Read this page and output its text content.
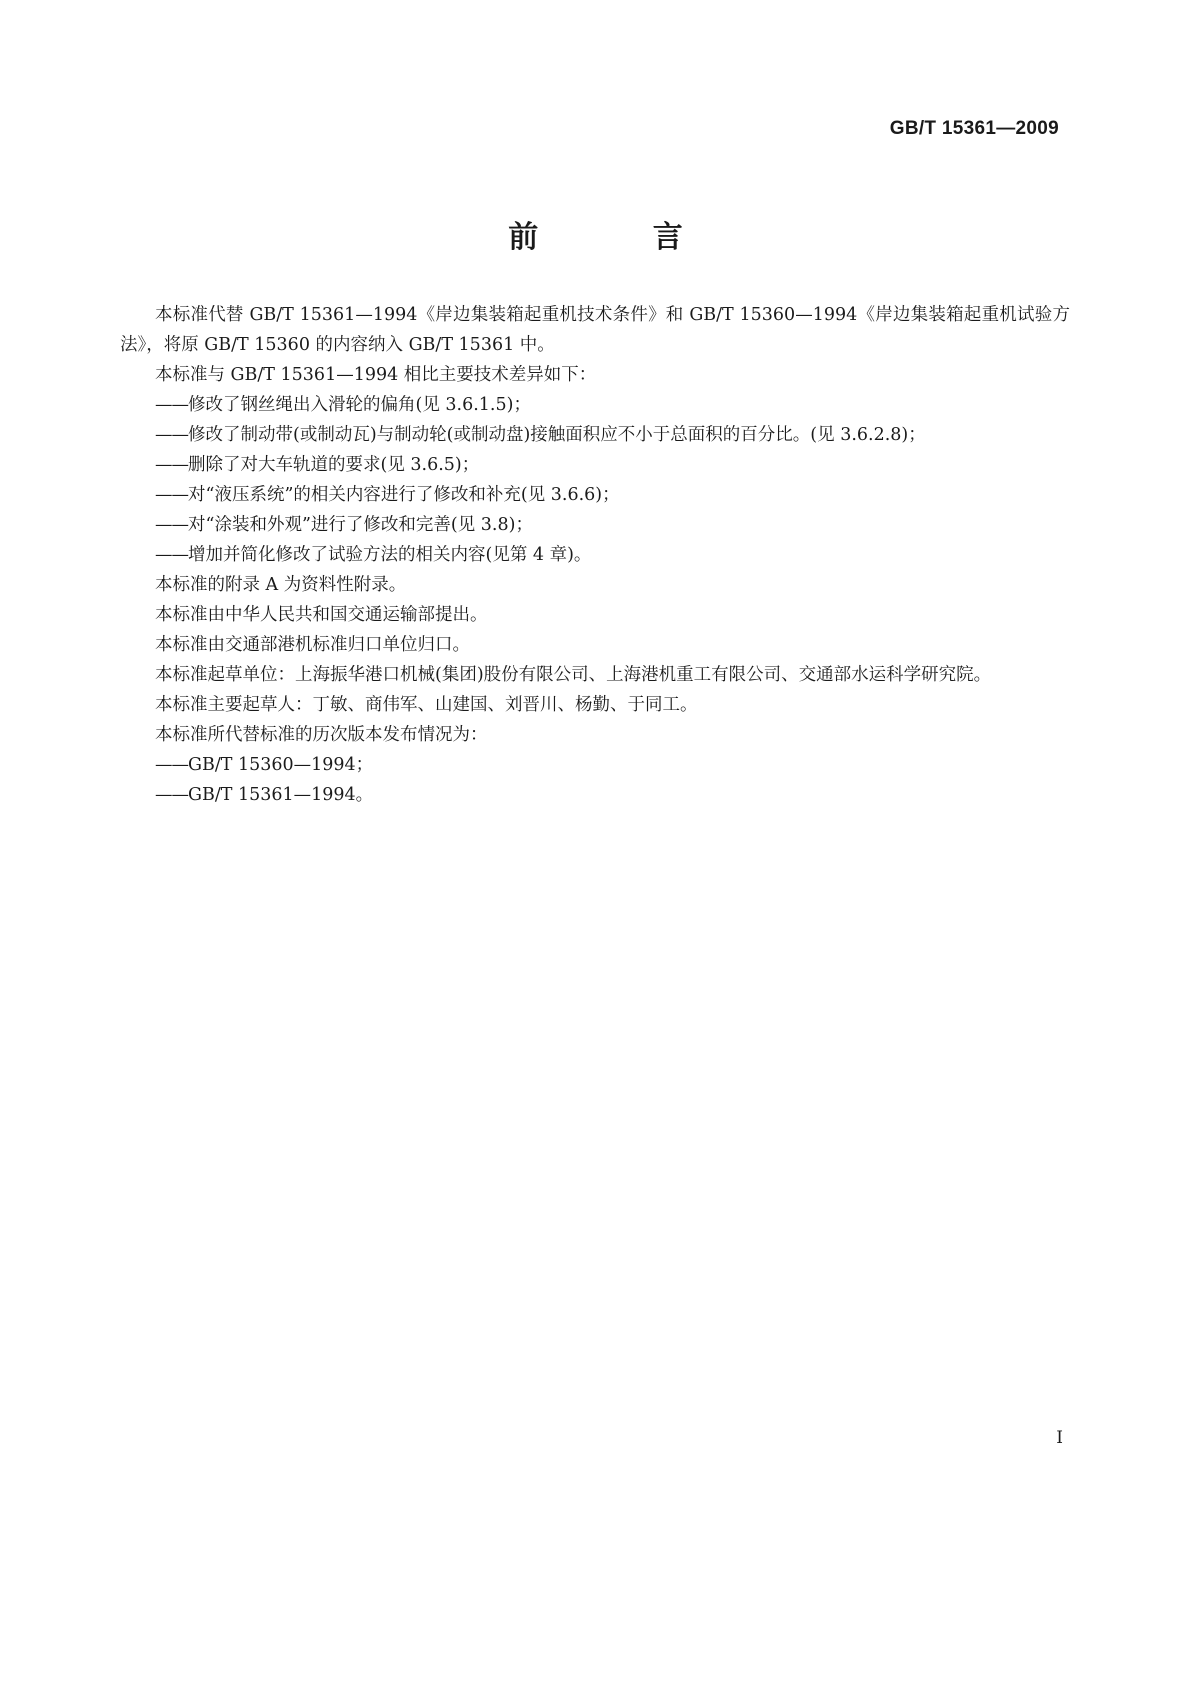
GB/T 15361—2009
前 言

本标准代替 GB/T 15361—1994《岸边集装箱起重机技术条件》和 GB/T 15360—1994《岸边集装箱起重机试验方法》，将原 GB/T 15360 的内容纳入 GB/T 15361 中。

本标准与 GB/T 15361—1994 相比主要技术差异如下：

——修改了钢丝绳出入滑轮的偏角(见 3.6.1.5)；

——修改了制动带(或制动瓦)与制动轮(或制动盘)接触面积应不小于总面积的百分比。(见 3.6.2.8)；

——删除了对大车轨道的要求(见 3.6.5)；

——对“液压系统”的相关内容进行了修改和补充(见 3.6.6)；

——对“涂装和外观”进行了修改和完善(见 3.8)；

——增加并简化修改了试验方法的相关内容(见第 4 章)。

本标准的附录 A 为资料性附录。

本标准由中华人民共和国交通运输部提出。

本标准由交通部港机标准归口单位归口。

本标准起草单位：上海振华港口机械(集团)股份有限公司、上海港机重工有限公司、交通部水运科学研究院。

本标准主要起草人：丁敏、商伟军、山建国、刘晋川、杨勤、于同工。

本标准所代替标准的历次版本发布情况为：

——GB/T 15360—1994；

——GB/T 15361—1994。

I
